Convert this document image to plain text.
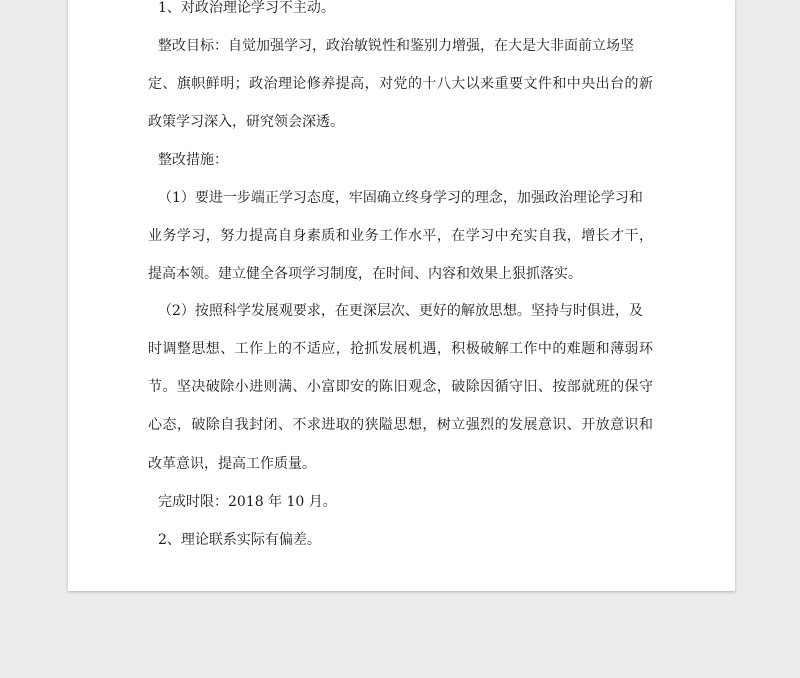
1、对政治理论学习不主动。
整改目标：自觉加强学习，政治敏锐性和鉴别力增强，在大是大非面前立场坚
定、旗帜鲜明；政治理论修养提高，对党的十八大以来重要文件和中央出台的新
政策学习深入，研究领会深透。
整改措施：
（1）要进一步端正学习态度，牢固确立终身学习的理念，加强政治理论学习和
业务学习，努力提高自身素质和业务工作水平，在学习中充实自我，增长才干，
提高本领。建立健全各项学习制度，在时间、内容和效果上狠抓落实。
（2）按照科学发展观要求，在更深层次、更好的解放思想。坚持与时俱进，及
时调整思想、工作上的不适应，抢抓发展机遇，积极破解工作中的难题和薄弱环
节。坚决破除小进则满、小富即安的陈旧观念，破除因循守旧、按部就班的保守
心态，破除自我封闭、不求进取的狭隘思想，树立强烈的发展意识、开放意识和
改革意识，提高工作质量。
完成时限：2018 年 10 月。
2、理论联系实际有偏差。
